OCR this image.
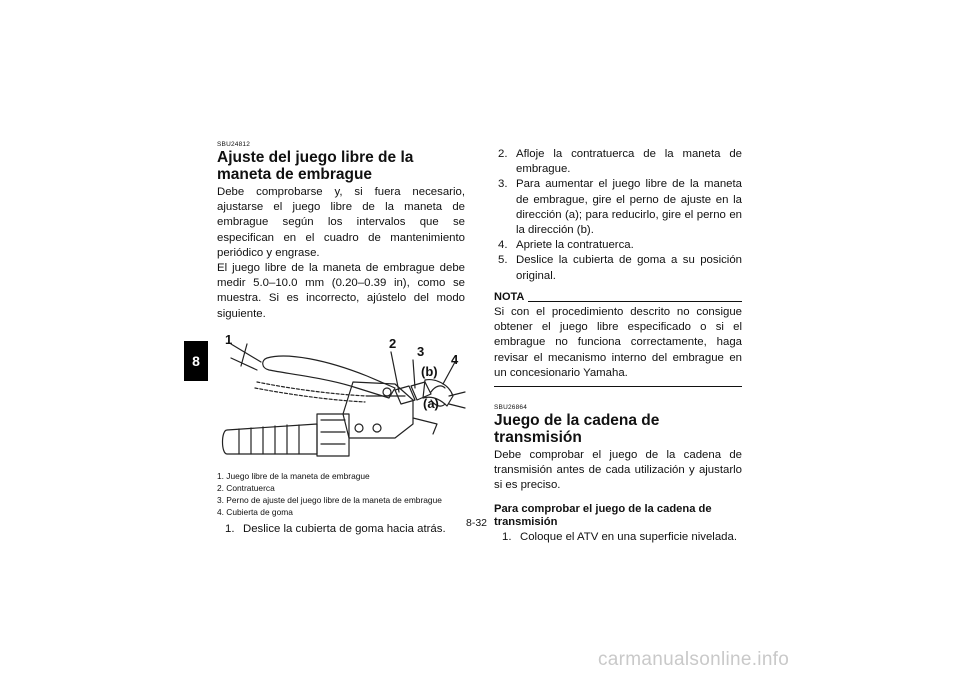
8
SBU24812
Ajuste del juego libre de la maneta de embrague

Debe comprobarse y, si fuera necesario, ajustarse el juego libre de la maneta de embrague según los intervalos que se especifican en el cuadro de mantenimiento periódico y engrase.

El juego libre de la maneta de embrague debe medir 5.0–10.0 mm (0.20–0.39 in), como se muestra. Si es incorrecto, ajústelo del modo siguiente.

1	2
3
4
(b)
(a)
1. Juego libre de la maneta de embrague
2. Contratuerca
3. Perno de ajuste del juego libre de la maneta de embrague
4. Cubierta de goma
1. Deslice la cubierta de goma hacia atrás.
2. Afloje la contratuerca de la maneta de embrague.
3. Para aumentar el juego libre de la maneta de embrague, gire el perno de ajuste en la dirección (a); para reducirlo, gire el perno en la dirección (b).
4. Apriete la contratuerca.
5. Deslice la cubierta de goma a su posición original.
NOTA

Si con el procedimiento descrito no consigue obtener el juego libre especificado o si el embrague no funciona correctamente, haga revisar el mecanismo interno del embrague en un concesionario Yamaha.

SBU26864
Juego de la cadena de transmisión

Debe comprobar el juego de la cadena de transmisión antes de cada utilización y ajustarlo si es preciso.

Para comprobar el juego de la cadena de transmisión
1. Coloque el ATV en una superficie nivelada.
8-32
carmanualsonline.info
